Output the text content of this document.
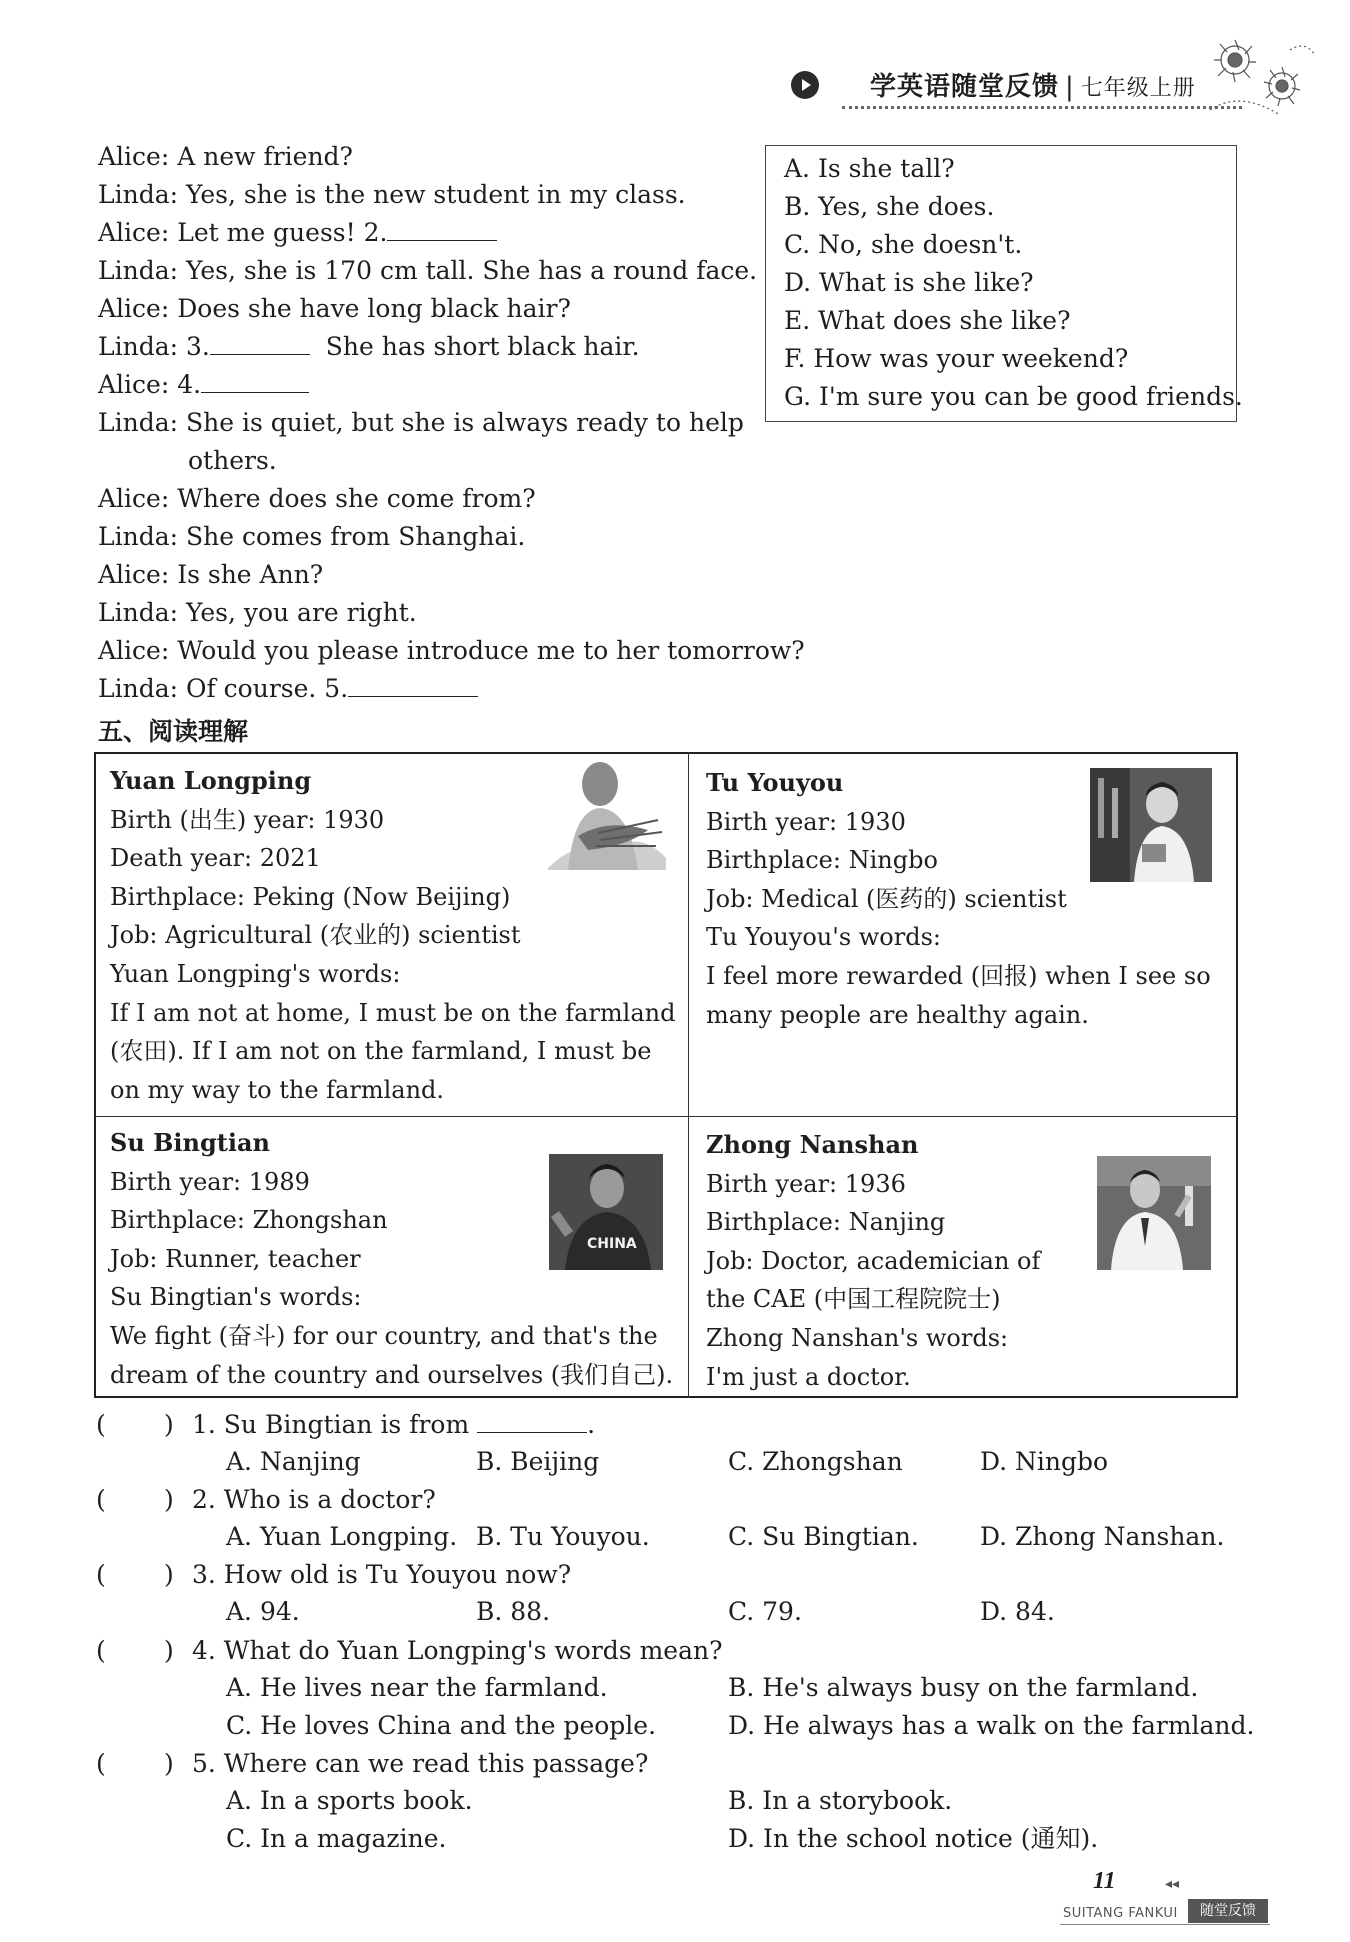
学英语随堂反馈 | 七年级上册
Alice: A new friend?
Linda: Yes, she is the new student in my class.
Alice: Let me guess! 2.
Linda: Yes, she is 170 cm tall. She has a round face.
Alice: Does she have long black hair?
Linda: 3.	She has short black hair.
Alice: 4.
Linda: She is quiet, but she is always ready to help
others.
Alice: Where does she come from?
Linda: She comes from Shanghai.
Alice: Is she Ann?
Linda: Yes, you are right.
Alice: Would you please introduce me to her tomorrow?
Linda: Of course. 5.
A. Is she tall?
B. Yes, she does.
C. No, she doesn't.
D. What is she like?
E. What does she like?
F. How was your weekend?
G. I'm sure you can be good friends.
五、阅读理解
Yuan Longping
Birth (出生) year: 1930
Death year: 2021
Birthplace: Peking (Now Beijing)
Job: Agricultural (农业的) scientist
Yuan Longping's words:
If I am not at home, I must be on the farmland
(农田). If I am not on the farmland, I must be
on my way to the farmland.
Tu Youyou
Birth year: 1930
Birthplace: Ningbo
Job: Medical (医药的) scientist
Tu Youyou's words:
I feel more rewarded (回报) when I see so
many people are healthy again.
Su Bingtian
Birth year: 1989
Birthplace: Zhongshan
Job: Runner, teacher
Su Bingtian's words:
We fight (奋斗) for our country, and that's the
dream of the country and ourselves (我们自己).
CHINA
Zhong Nanshan
Birth year: 1936
Birthplace: Nanjing
Job: Doctor, academician of
the CAE (中国工程院院士)
Zhong Nanshan's words:
I'm just a doctor.
( ) 1. Su Bingtian is from	.
A. Nanjing	B. Beijing	C. Zhongshan	D. Ningbo
( ) 2. Who is a doctor?
A. Yuan Longping. B. Tu Youyou.	C. Su Bingtian. D. Zhong Nanshan.
( ) 3. How old is Tu Youyou now?
A. 94.	B. 88.	C. 79.	D. 84.
( ) 4. What do Yuan Longping's words mean?
A. He lives near the farmland.	B. He's always busy on the farmland.
C. He loves China and the people.	D. He always has a walk on the farmland.
( ) 5. Where can we read this passage?
A. In a sports book.	B. In a storybook.
C. In a magazine.	D. In the school notice (通知).
11	◂◂
SUITANG FANKUI	随堂反馈
